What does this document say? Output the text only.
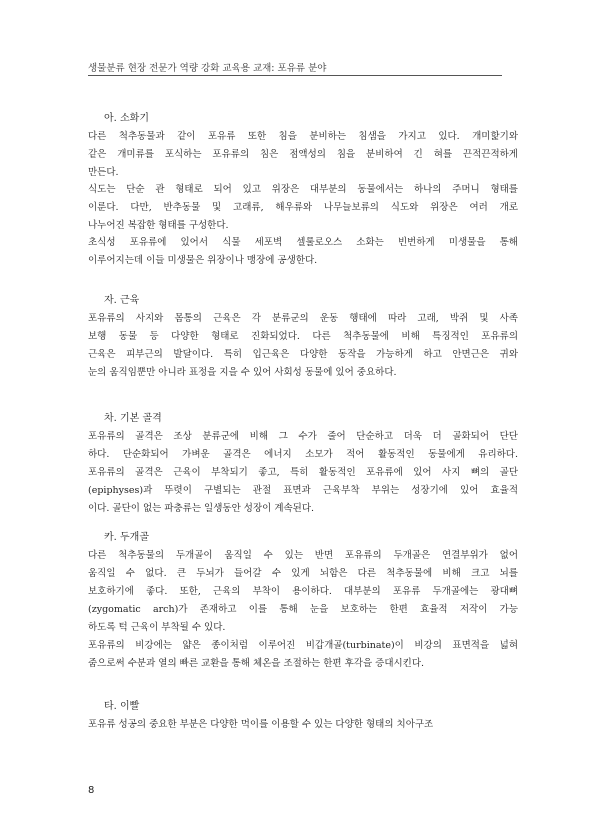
생물분류 현장 전문가 역량 강화 교육용 교재: 포유류 분야
아. 소화기
다른 척추동물과 같이 포유류 또한 침을 분비하는 침샘을 가지고 있다. 개미핥기와
같은 개미류를 포식하는 포유류의 침은 점액성의 침을 분비하여 긴 혀를 끈적끈적하게
만든다.
식도는 단순 관 형태로 되어 있고 위장은 대부분의 동물에서는 하나의 주머니 형태를
이룬다. 다만, 반추동물 및 고래류, 해우류와 나무늘보류의 식도와 위장은 여러 개로
나누어진 복잡한 형태를 구성한다.
초식성 포유류에 있어서 식물 세포벽 셀룰로오스 소화는 빈번하게 미생물을 통해
이루어지는데 이들 미생물은 위장이나 맹장에 공생한다.
자. 근육
포유류의 사지와 몸통의 근육은 각 분류군의 운동 행태에 따라 고래, 박쥐 및 사족
보행 동물 등 다양한 형태로 진화되었다. 다른 척추동물에 비해 특징적인 포유류의
근육은 피부근의 발달이다. 특히 입근육은 다양한 동작을 가능하게 하고 안면근은 귀와
눈의 움직임뿐만 아니라 표정을 지을 수 있어 사회성 동물에 있어 중요하다.
차. 기본 골격
포유류의 골격은 조상 분류군에 비해 그 수가 줄어 단순하고 더욱 더 골화되어 단단
하다. 단순화되어 가벼운 골격은 에너지 소모가 적어 활동적인 동물에게 유리하다.
포유류의 골격은 근육이 부착되기 좋고, 특히 활동적인 포유류에 있어 사지 뼈의 골단
(epiphyses)과 뚜렷이 구별되는 관절 표면과 근육부착 부위는 성장기에 있어 효율적
이다. 골단이 없는 파충류는 일생동안 성장이 계속된다.
카. 두개골
다른 척추동물의 두개골이 움직일 수 있는 반면 포유류의 두개골은 연결부위가 없어
움직일 수 없다. 큰 두뇌가 들어갈 수 있게 뇌함은 다른 척추동물에 비해 크고 뇌를
보호하기에 좋다. 또한, 근육의 부착이 용이하다. 대부분의 포유류 두개골에는 광대뼈
(zygomatic arch)가 존재하고 이를 통해 눈을 보호하는 한편 효율적 저작이 가능
하도록 턱 근육이 부착될 수 있다.
포유류의 비강에는 얇은 종이처럼 이루어진 비갑개골(turbinate)이 비강의 표면적을 넓혀
줌으로써 수분과 열의 빠른 교환을 통해 체온을 조절하는 한편 후각을 증대시킨다.
타. 이빨
포유류 성공의 중요한 부분은 다양한 먹이를 이용할 수 있는 다양한 형태의 치아구조
8
